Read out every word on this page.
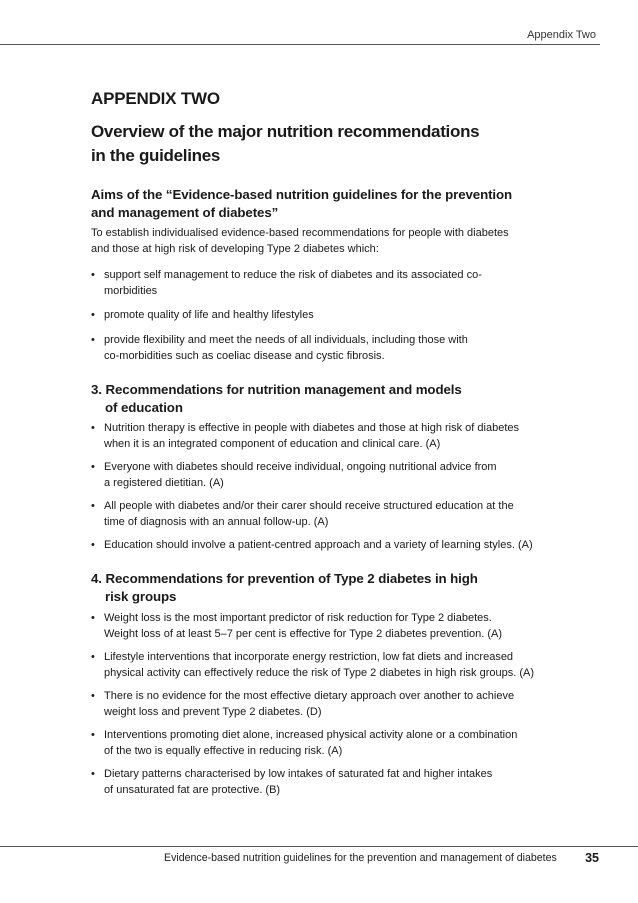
Appendix Two
APPENDIX TWO
Overview of the major nutrition recommendations
in the guidelines
Aims of the “Evidence-based nutrition guidelines for the prevention
and management of diabetes”

To establish individualised evidence-based recommendations for people with diabetes
and those at high risk of developing Type 2 diabetes which:

• support self management to reduce the risk of diabetes and its associated co-
morbidities
• promote quality of life and healthy lifestyles
• provide flexibility and meet the needs of all individuals, including those with
co-morbidities such as coeliac disease and cystic fibrosis.
3. Recommendations for nutrition management and models
of education
• Nutrition therapy is effective in people with diabetes and those at high risk of diabetes
when it is an integrated component of education and clinical care. (A)
• Everyone with diabetes should receive individual, ongoing nutritional advice from
a registered dietitian. (A)
• All people with diabetes and/or their carer should receive structured education at the
time of diagnosis with an annual follow-up. (A)
• Education should involve a patient-centred approach and a variety of learning styles. (A)
4. Recommendations for prevention of Type 2 diabetes in high
risk groups
• Weight loss is the most important predictor of risk reduction for Type 2 diabetes.
Weight loss of at least 5–7 per cent is effective for Type 2 diabetes prevention. (A)
• Lifestyle interventions that incorporate energy restriction, low fat diets and increased
physical activity can effectively reduce the risk of Type 2 diabetes in high risk groups. (A)
• There is no evidence for the most effective dietary approach over another to achieve
weight loss and prevent Type 2 diabetes. (D)
• Interventions promoting diet alone, increased physical activity alone or a combination
of the two is equally effective in reducing risk. (A)
• Dietary patterns characterised by low intakes of saturated fat and higher intakes
of unsaturated fat are protective. (B)
Evidence-based nutrition guidelines for the prevention and management of diabetes 35
